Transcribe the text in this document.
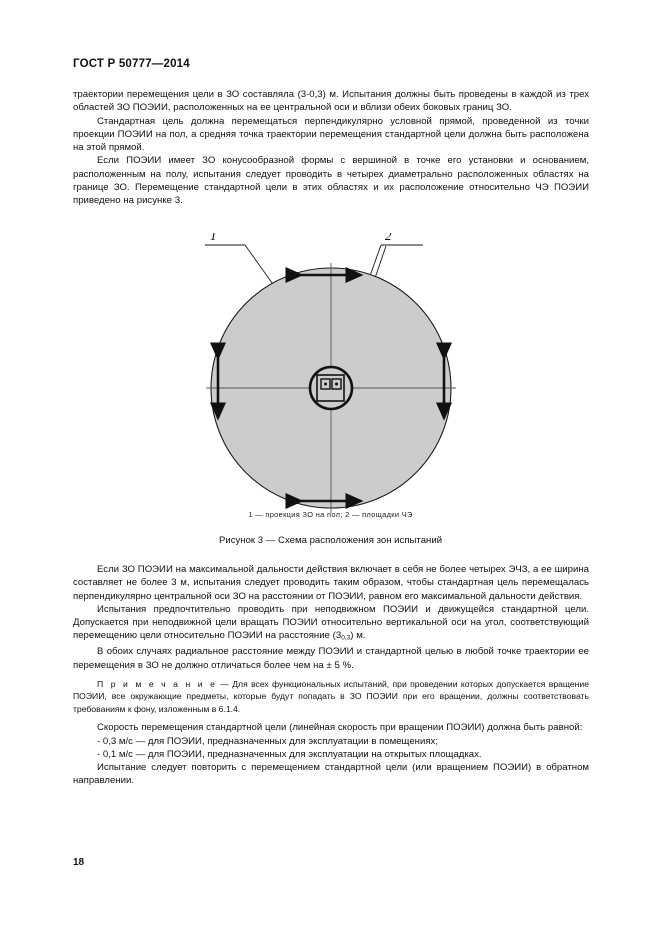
ГОСТ Р 50777—2014

траектории перемещения цели в ЗО составляла (3-0,3) м. Испытания должны быть проведены в каждой из трех областей ЗО ПОЭИИ, расположенных на ее центральной оси и вблизи обеих боковых границ ЗО.

Стандартная цель должна перемещаться перпендикулярно условной прямой, проведенной из точки проекции ПОЭИИ на пол, а средняя точка траектории перемещения стандартной цели должна быть расположена на этой прямой.

Если ПОЭИИ имеет ЗО конусообразной формы с вершиной в точке его установки и основанием, расположенным на полу, испытания следует проводить в четырех диаметрально расположенных областях на границе ЗО. Перемещение стандартной цели в этих областях и их расположение относительно ЧЭ ПОЭИИ приведено на рисунке 3.

1	2
1 — проекция ЗО на пол; 2 — площадки ЧЭ
Рисунок 3 — Схема расположения зон испытаний

Если ЗО ПОЭИИ на максимальной дальности действия включает в себя не более четырех ЭЧЗ, а ее ширина составляет не более 3 м, испытания следует проводить таким образом, чтобы стандартная цель перемещалась перпендикулярно центральной оси ЗО на расстоянии от ПОЭИИ, равном его максимальной дальности действия.

Испытания предпочтительно проводить при неподвижном ПОЭИИ и движущейся стандартной цели. Допускается при неподвижной цели вращать ПОЭИИ относительно вертикальной оси на угол, соответствующий перемещению цели относительно ПОЭИИ на расстояние $(3_{0,3})$ м.

В обоих случаях радиальное расстояние между ПОЭИИ и стандартной целью в любой точке траектории ее перемещения в ЗО не должно отличаться более чем на ± 5 %.

П р и м е ч а н и е — Для всех функциональных испытаний, при проведении которых допускается вращение ПОЭИИ, все окружающие предметы, которые будут попадать в ЗО ПОЭИИ при его вращении, должны соответствовать требованиям к фону, изложенным в 6.1.4.

Скорость перемещения стандартной цели (линейная скорость при вращении ПОЭИИ) должна быть равной:

- 0,3 м/с — для ПОЭИИ, предназначенных для эксплуатации в помещениях;

- 0,1 м/с — для ПОЭИИ, предназначенных для эксплуатации на открытых площадках.

Испытание следует повторить с перемещением стандартной цели (или вращением ПОЭИИ) в обратном направлении.

18
